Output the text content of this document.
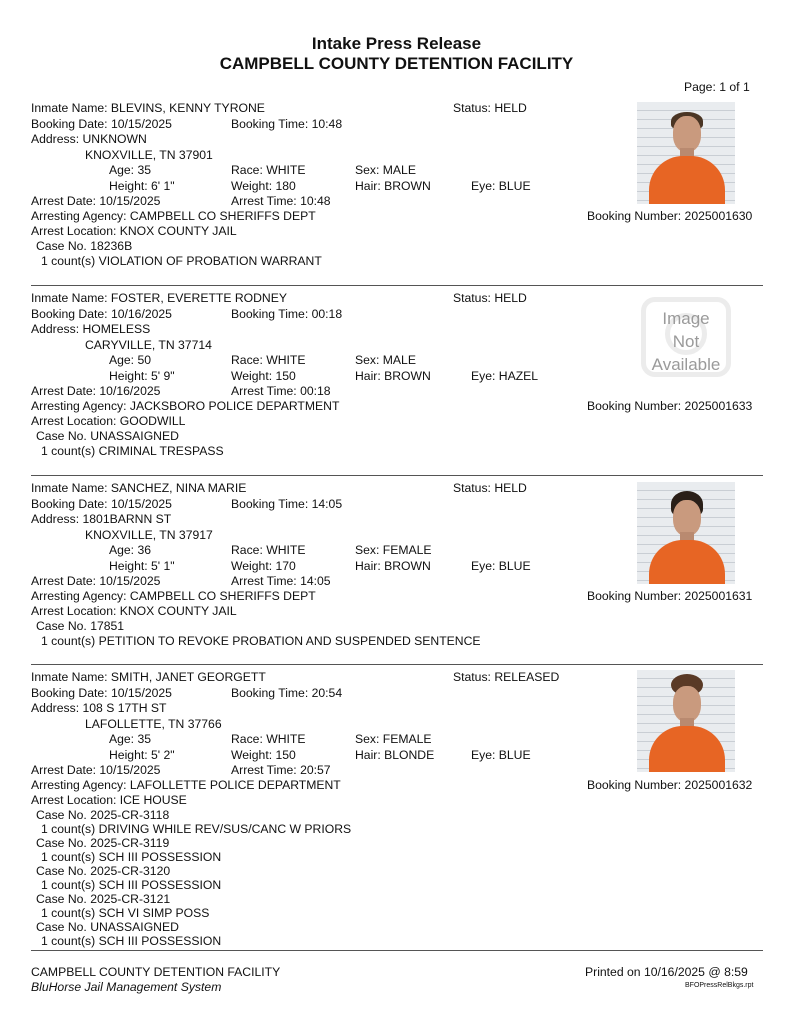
Intake Press Release
CAMPBELL COUNTY DETENTION FACILITY
Page: 1 of 1
Inmate Name: BLEVINS, KENNY TYRONE	Status: HELD
Booking Date: 10/15/2025	Booking Time: 10:48
Address: UNKNOWN
KNOXVILLE, TN 37901
Age: 35	Race: WHITE	Sex: MALE
Height: 6' 1"	Weight: 180	Hair: BROWN	Eye: BLUE
Arrest Date: 10/15/2025	Arrest Time: 10:48
Arresting Agency: CAMPBELL CO SHERIFFS DEPT	Booking Number: 2025001630
Arrest Location: KNOX COUNTY JAIL
Case No. 18236B
1 count(s) VIOLATION OF PROBATION WARRANT
Inmate Name: FOSTER, EVERETTE RODNEY	Status: HELD
Booking Date: 10/16/2025	Booking Time: 00:18
Address: HOMELESS
CARYVILLE, TN 37714
Age: 50	Race: WHITE	Sex: MALE
Height: 5' 9"	Weight: 150	Hair: BROWN	Eye: HAZEL
Arrest Date: 10/16/2025	Arrest Time: 00:18
Arresting Agency: JACKSBORO POLICE DEPARTMENT	Booking Number: 2025001633
Arrest Location: GOODWILL
Case No. UNASSAIGNED
1 count(s) CRIMINAL TRESPASS
Image
Not
Available
Inmate Name: SANCHEZ, NINA MARIE	Status: HELD
Booking Date: 10/15/2025	Booking Time: 14:05
Address: 1801BARNN ST
KNOXVILLE, TN 37917
Age: 36	Race: WHITE	Sex: FEMALE
Height: 5' 1"	Weight: 170	Hair: BROWN	Eye: BLUE
Arrest Date: 10/15/2025	Arrest Time: 14:05
Arresting Agency: CAMPBELL CO SHERIFFS DEPT	Booking Number: 2025001631
Arrest Location: KNOX COUNTY JAIL
Case No. 17851
1 count(s) PETITION TO REVOKE PROBATION AND SUSPENDED SENTENCE
Inmate Name: SMITH, JANET GEORGETT	Status: RELEASED
Booking Date: 10/15/2025	Booking Time: 20:54
Address: 108 S 17TH ST
LAFOLLETTE, TN 37766
Age: 35	Race: WHITE	Sex: FEMALE
Height: 5' 2"	Weight: 150	Hair: BLONDE	Eye: BLUE
Arrest Date: 10/15/2025	Arrest Time: 20:57
Arresting Agency: LAFOLLETTE POLICE DEPARTMENT	Booking Number: 2025001632
Arrest Location: ICE HOUSE
Case No. 2025-CR-3118
1 count(s) DRIVING WHILE REV/SUS/CANC W PRIORS
Case No. 2025-CR-3119
1 count(s) SCH III POSSESSION
Case No. 2025-CR-3120
1 count(s) SCH III POSSESSION
Case No. 2025-CR-3121
1 count(s) SCH VI SIMP POSS
Case No. UNASSAIGNED
1 count(s) SCH III POSSESSION
CAMPBELL COUNTY DETENTION FACILITY
BluHorse Jail Management System
Printed on 10/16/2025 @ 8:59
BFOPressRelBkgs.rpt
